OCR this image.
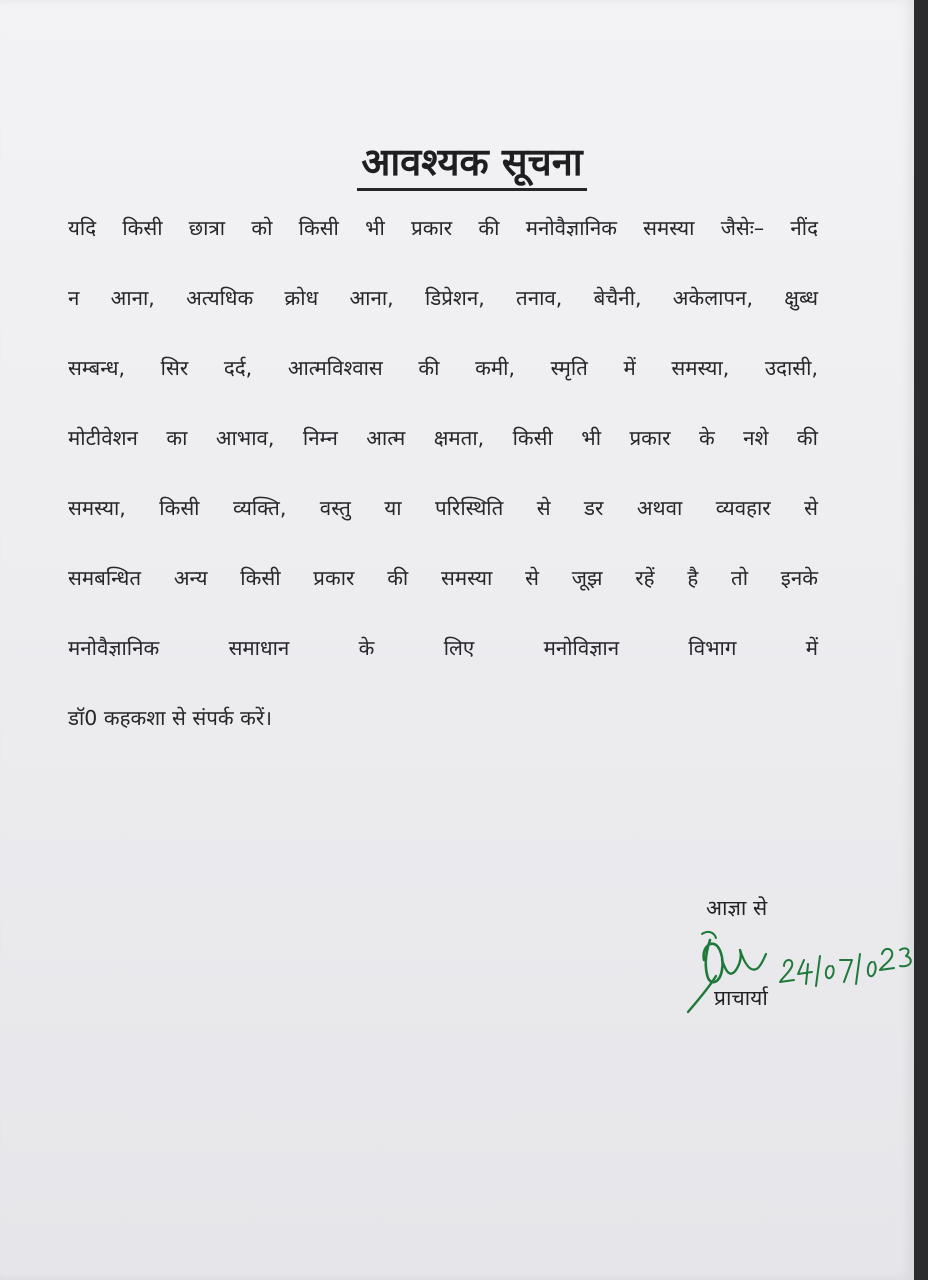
आवश्यक सूचना
यदि किसी छात्रा को किसी भी प्रकार की मनोवैज्ञानिक समस्या जैसेः– नींद
न आना, अत्यधिक क्रोध आना, डिप्रेशन, तनाव, बेचैनी, अकेलापन, क्षुब्ध
सम्बन्ध, सिर दर्द, आत्मविश्वास की कमी, स्मृति में समस्या, उदासी,
मोटीवेशन का आभाव, निम्न आत्म क्षमता, किसी भी प्रकार के नशे की
समस्या, किसी व्यक्ति, वस्तु या परिस्थिति से डर अथवा व्यवहार से
समबन्धित अन्य किसी प्रकार की समस्या से जूझ रहें है तो इनके
मनोवैज्ञानिक समाधान के लिए मनोविज्ञान विभाग में
डॉ0 कहकशा से संपर्क करें।
आज्ञा से
प्राचार्या
